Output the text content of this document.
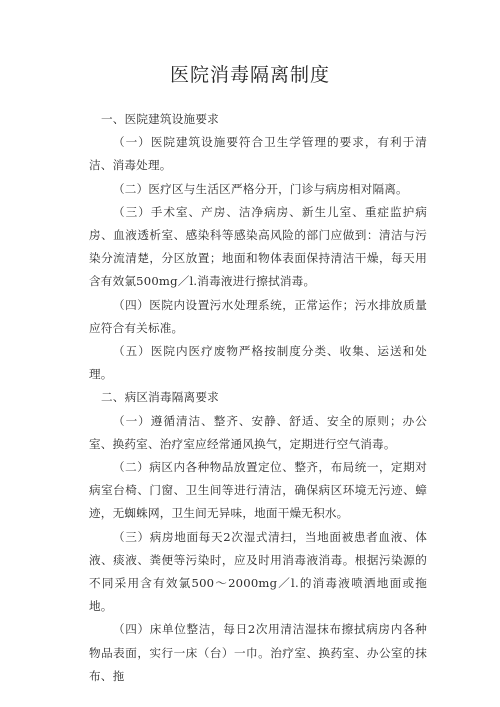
医院消毒隔离制度

一、医院建筑设施要求

（一）医院建筑设施要符合卫生学管理的要求，有利于清洁、消毒处理。

（二）医疗区与生活区严格分开，门诊与病房相对隔离。

（三）手术室、产房、洁净病房、新生儿室、重症监护病房、血液透析室、感染科等感染高风险的部门应做到：清洁与污染分流清楚，分区放置；地面和物体表面保持清洁干燥，每天用含有效氯500mg／l.消毒液进行擦拭消毒。

（四）医院内设置污水处理系统，正常运作；污水排放质量应符合有关标准。

（五）医院内医疗废物严格按制度分类、收集、运送和处理。

二、病区消毒隔离要求

（一）遵循清洁、整齐、安静、舒适、安全的原则；办公室、换药室、治疗室应经常通风换气，定期进行空气消毒。

（二）病区内各种物品放置定位、整齐，布局统一，定期对病室台椅、门窗、卫生间等进行清洁，确保病区环境无污迹、蟑迹，无蜘蛛网，卫生间无异味，地面干燥无积水。

（三）病房地面每天2次湿式清扫，当地面被患者血液、体液、痰液、粪便等污染时，应及时用消毒液消毒。根据污染源的不同采用含有效氯500～2000mg／l.的消毒液喷洒地面或拖地。

（四）床单位整洁，每日2次用清洁湿抹布擦拭病房内各种物品表面，实行一床（台）一巾。治疗室、换药室、办公室的抹布、拖
